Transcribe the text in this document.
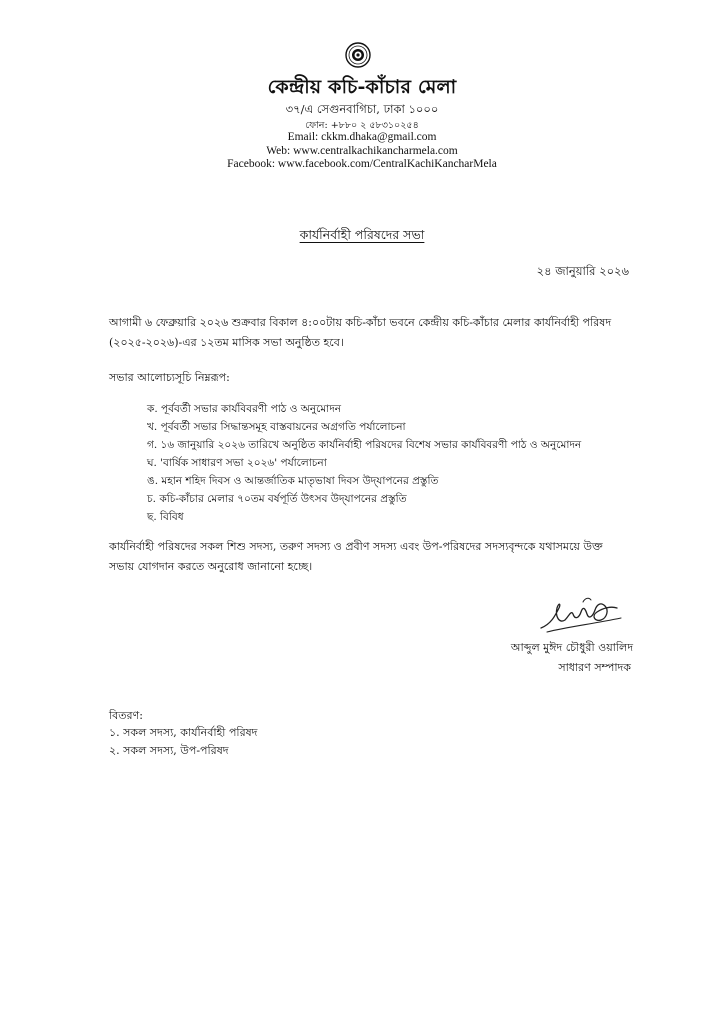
কেন্দ্রীয় কচি-কাঁচার মেলা
৩৭/এ সেগুনবাগিচা, ঢাকা ১০০০
ফোন: +৮৮০ ২ ৫৮৩১০২৫৪
Email: ckkm.dhaka@gmail.com
Web: www.centralkachikancharmela.com
Facebook: www.facebook.com/CentralKachiKancharMela
কার্যনির্বাহী পরিষদের সভা
২৪ জানুয়ারি ২০২৬
আগামী ৬ ফেব্রুয়ারি ২০২৬ শুক্রবার বিকাল ৪:০০টায় কচি-কাঁচা ভবনে কেন্দ্রীয় কচি-কাঁচার মেলার কার্যনির্বাহী পরিষদ (২০২৫-২০২৬)-এর ১২তম মাসিক সভা অনুষ্ঠিত হবে।
সভার আলোচ্যসূচি নিম্নরূপ:
ক. পূর্ববর্তী সভার কার্যবিবরণী পাঠ ও অনুমোদন
খ. পূর্ববর্তী সভার সিদ্ধান্তসমূহ বাস্তবায়নের অগ্রগতি পর্যালোচনা
গ. ১৬ জানুয়ারি ২০২৬ তারিখে অনুষ্ঠিত কার্যনির্বাহী পরিষদের বিশেষ সভার কার্যবিবরণী পাঠ ও অনুমোদন
ঘ. 'বার্ষিক সাধারণ সভা ২০২৬' পর্যালোচনা
ঙ. মহান শহিদ দিবস ও আন্তর্জাতিক মাতৃভাষা দিবস উদ্‌যাপনের প্রস্তুতি
চ. কচি-কাঁচার মেলার ৭০তম বর্ষপূর্তি উৎসব উদ্‌যাপনের প্রস্তুতি
ছ. বিবিধ
কার্যনির্বাহী পরিষদের সকল শিশু সদস্য, তরুণ সদস্য ও প্রবীণ সদস্য এবং উপ-পরিষদের সদস্যবৃন্দকে যথাসময়ে উক্ত সভায় যোগদান করতে অনুরোধ জানানো হচ্ছে।
আব্দুল মুঈদ চৌধুরী ওয়ালিদ
সাধারণ সম্পাদক
বিতরণ:
১. সকল সদস্য, কার্যনির্বাহী পরিষদ
২. সকল সদস্য, উপ-পরিষদ
